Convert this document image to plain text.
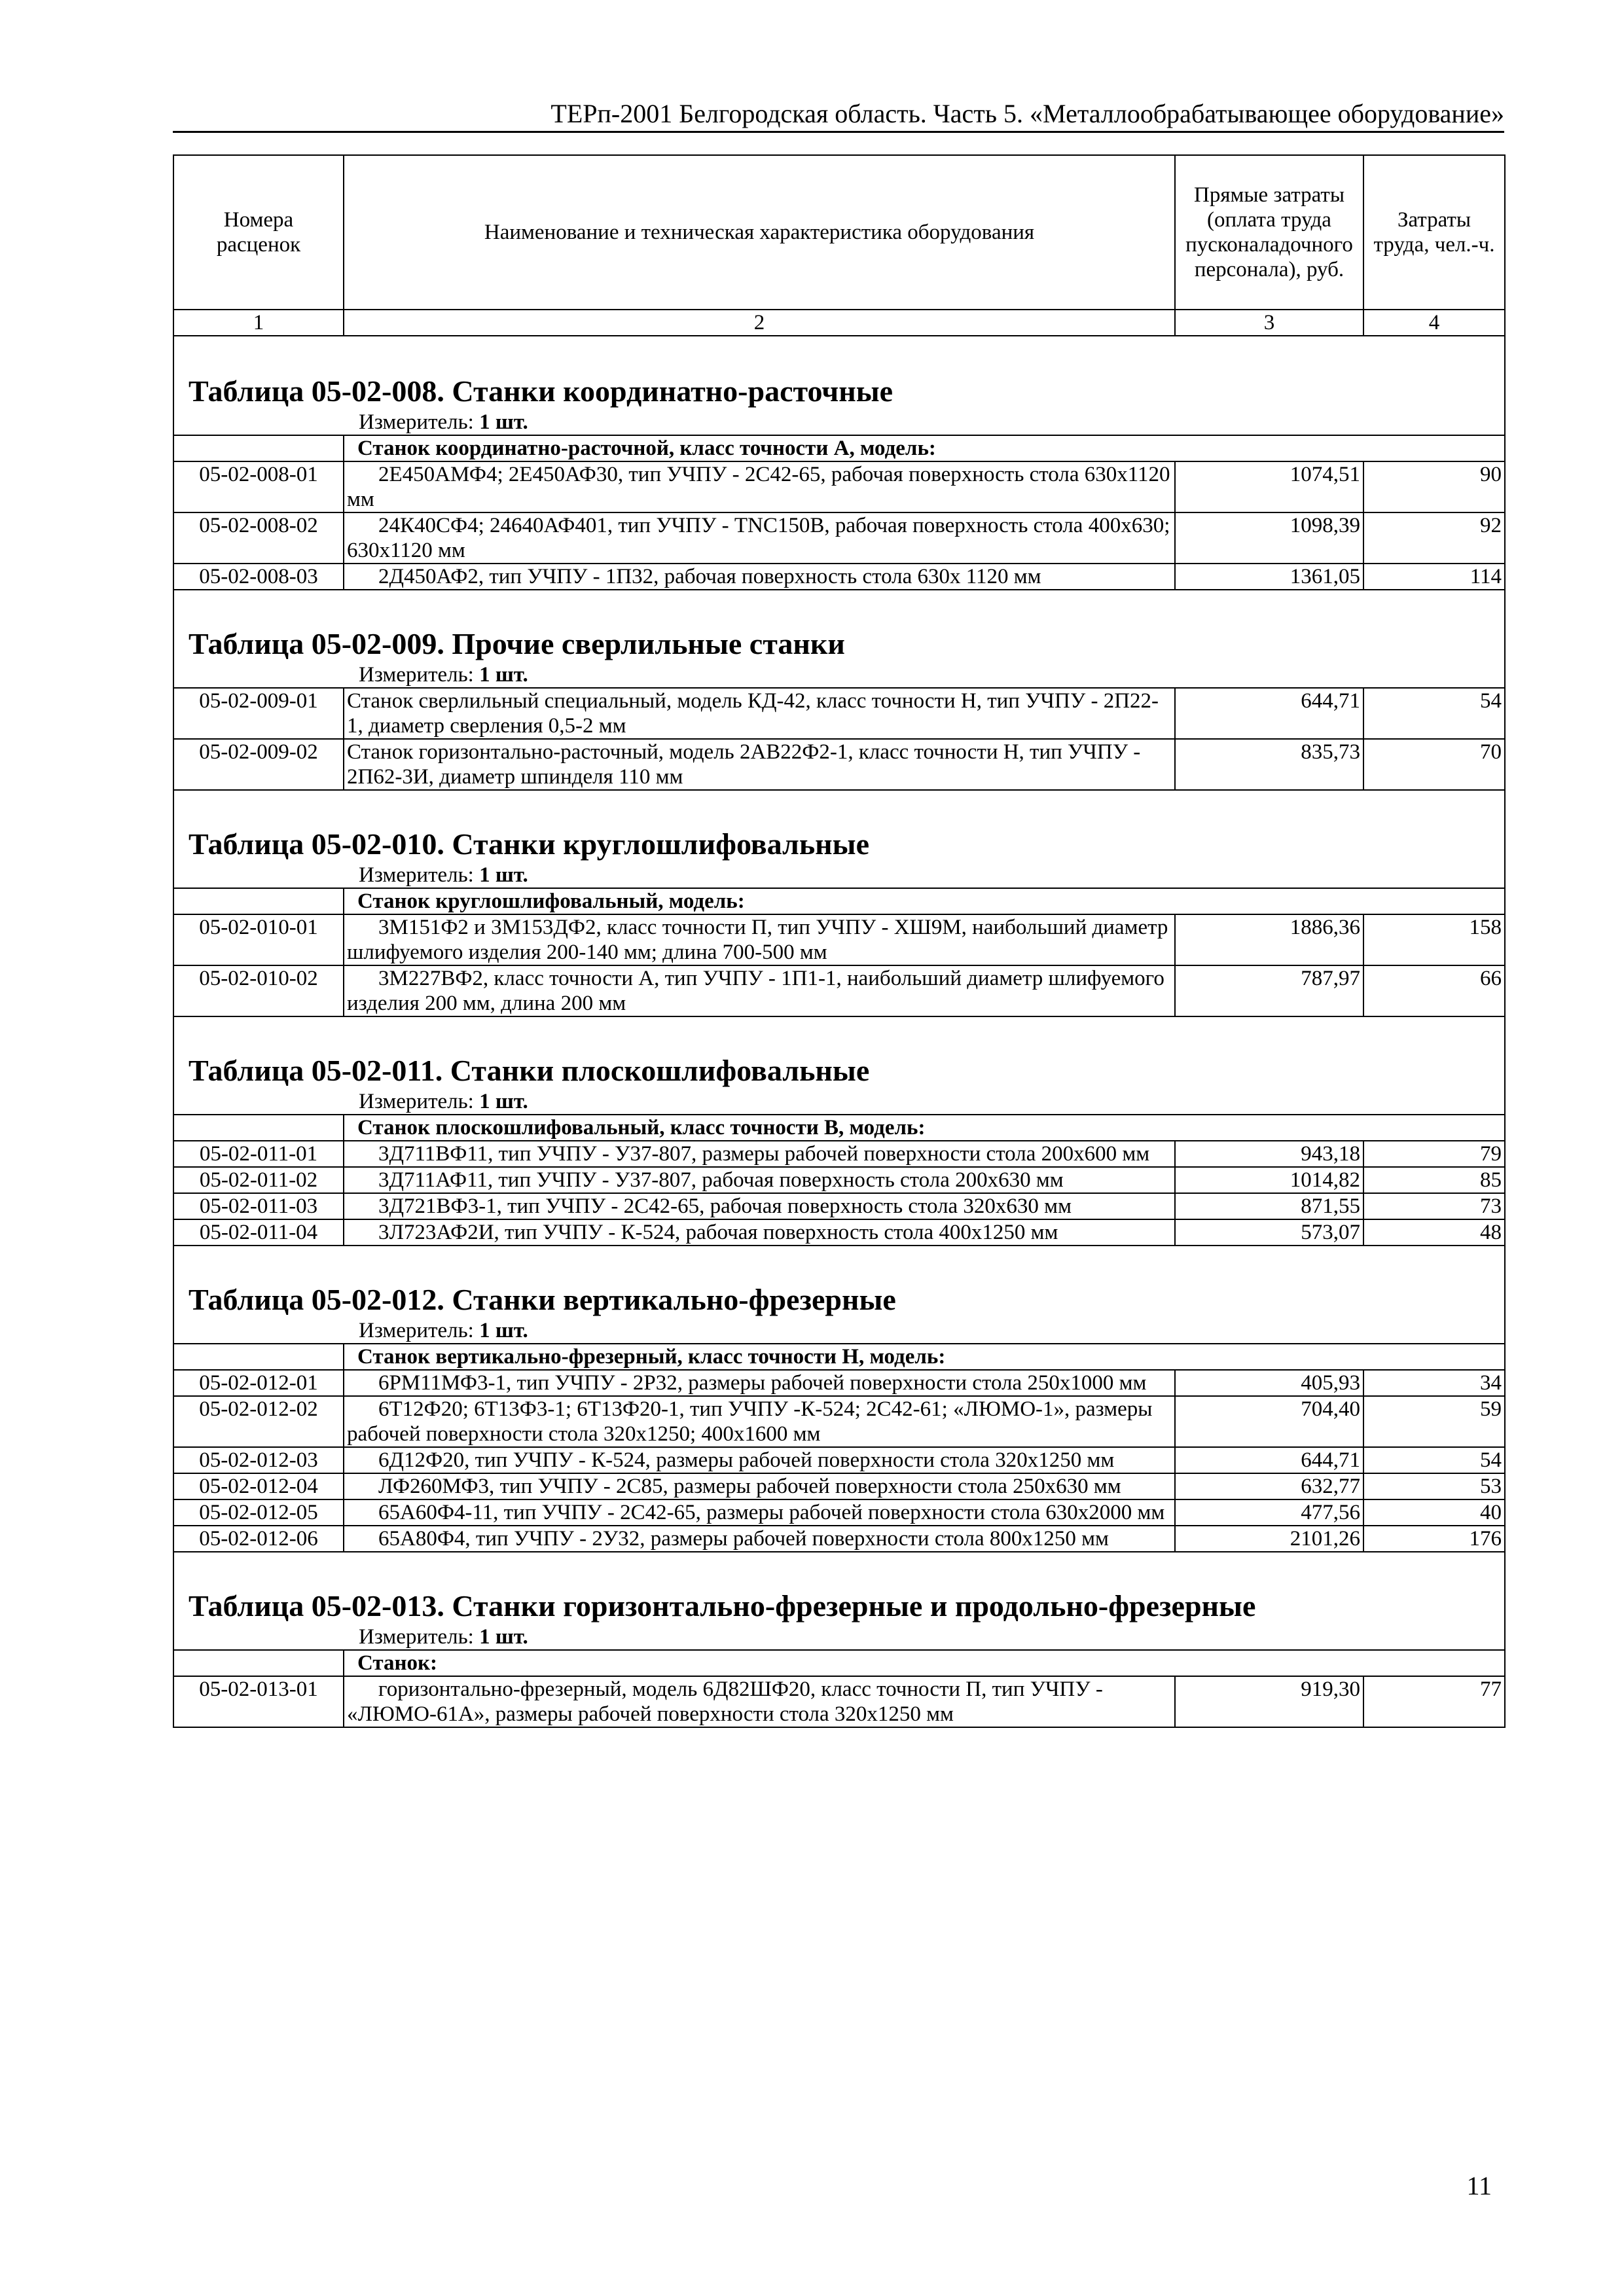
ТЕРп-2001 Белгородская область. Часть 5. «Металлообрабатывающее оборудование»
Номера расценок	Наименование и техническая характеристика оборудования	Прямые затраты (оплата труда пусконаладочного персонала), руб.	Затраты труда, чел.-ч.
1	2	3	4
Таблица 05-02-008. Станки координатно-расточные			
Измеритель: 1 шт.			
	Станок координатно-расточной, класс точности А, модель:		
05-02-008-01	2Е450АМФ4; 2Е450АФ30, тип УЧПУ - 2С42-65, рабочая поверхность стола 630х1120 мм	1074,51	90
05-02-008-02	24К40СФ4; 24640АФ401, тип УЧПУ - TNC150B, рабочая поверхность стола 400х630; 630х1120 мм	1098,39	92
05-02-008-03	2Д450АФ2, тип УЧПУ - 1П32, рабочая поверхность стола 630х 1120 мм	1361,05	114
Таблица 05-02-009. Прочие сверлильные станки			
Измеритель: 1 шт.			
05-02-009-01	Станок сверлильный специальный, модель КД-42, класс точности Н, тип УЧПУ - 2П22-1, диаметр сверления 0,5-2 мм	644,71	54
05-02-009-02	Станок горизонтально-расточный, модель 2АВ22Ф2-1, класс точности Н, тип УЧПУ - 2П62-3И, диаметр шпинделя 110 мм	835,73	70
Таблица 05-02-010. Станки круглошлифовальные			
Измеритель: 1 шт.			
	Станок круглошлифовальный, модель:		
05-02-010-01	3М151Ф2 и 3М153ДФ2, класс точности П, тип УЧПУ - ХШ9М, наибольший диаметр шлифуемого изделия 200-140 мм; длина 700-500 мм	1886,36	158
05-02-010-02	3М227ВФ2, класс точности А, тип УЧПУ - 1П1-1, наибольший диаметр шлифуемого изделия 200 мм, длина 200 мм	787,97	66
Таблица 05-02-011. Станки плоскошлифовальные			
Измеритель: 1 шт.			
	Станок плоскошлифовальный, класс точности В, модель:		
05-02-011-01	3Д711ВФ11, тип УЧПУ - У37-807, размеры рабочей поверхности стола 200х600 мм	943,18	79
05-02-011-02	3Д711АФ11, тип УЧПУ - У37-807, рабочая поверхность стола 200х630 мм	1014,82	85
05-02-011-03	3Д721ВФ3-1, тип УЧПУ - 2С42-65, рабочая поверхность стола 320х630 мм	871,55	73
05-02-011-04	3Л723АФ2И, тип УЧПУ - К-524, рабочая поверхность стола 400х1250 мм	573,07	48
Таблица 05-02-012. Станки вертикально-фрезерные			
Измеритель: 1 шт.			
	Станок вертикально-фрезерный, класс точности Н, модель:		
05-02-012-01	6РМ11МФ3-1, тип УЧПУ - 2Р32, размеры рабочей поверхности стола 250х1000 мм	405,93	34
05-02-012-02	6Т12Ф20; 6Т13Ф3-1; 6Т13Ф20-1, тип УЧПУ -К-524; 2С42-61; «ЛЮМО-1», размеры рабочей поверхности стола 320х1250; 400х1600 мм	704,40	59
05-02-012-03	6Д12Ф20, тип УЧПУ - К-524, размеры рабочей поверхности стола 320х1250 мм	644,71	54
05-02-012-04	ЛФ260МФ3, тип УЧПУ - 2С85, размеры рабочей поверхности стола 250х630 мм	632,77	53
05-02-012-05	65А60Ф4-11, тип УЧПУ - 2С42-65, размеры рабочей поверхности стола 630х2000 мм	477,56	40
05-02-012-06	65А80Ф4, тип УЧПУ - 2У32, размеры рабочей поверхности стола 800х1250 мм	2101,26	176
Таблица 05-02-013. Станки горизонтально-фрезерные и продольно-фрезерные			
Измеритель: 1 шт.			
	Станок:		
05-02-013-01	горизонтально-фрезерный, модель 6Д82ШФ20, класс точности П, тип УЧПУ - «ЛЮМО-61А», размеры рабочей поверхности стола 320х1250 мм	919,30	77
11
